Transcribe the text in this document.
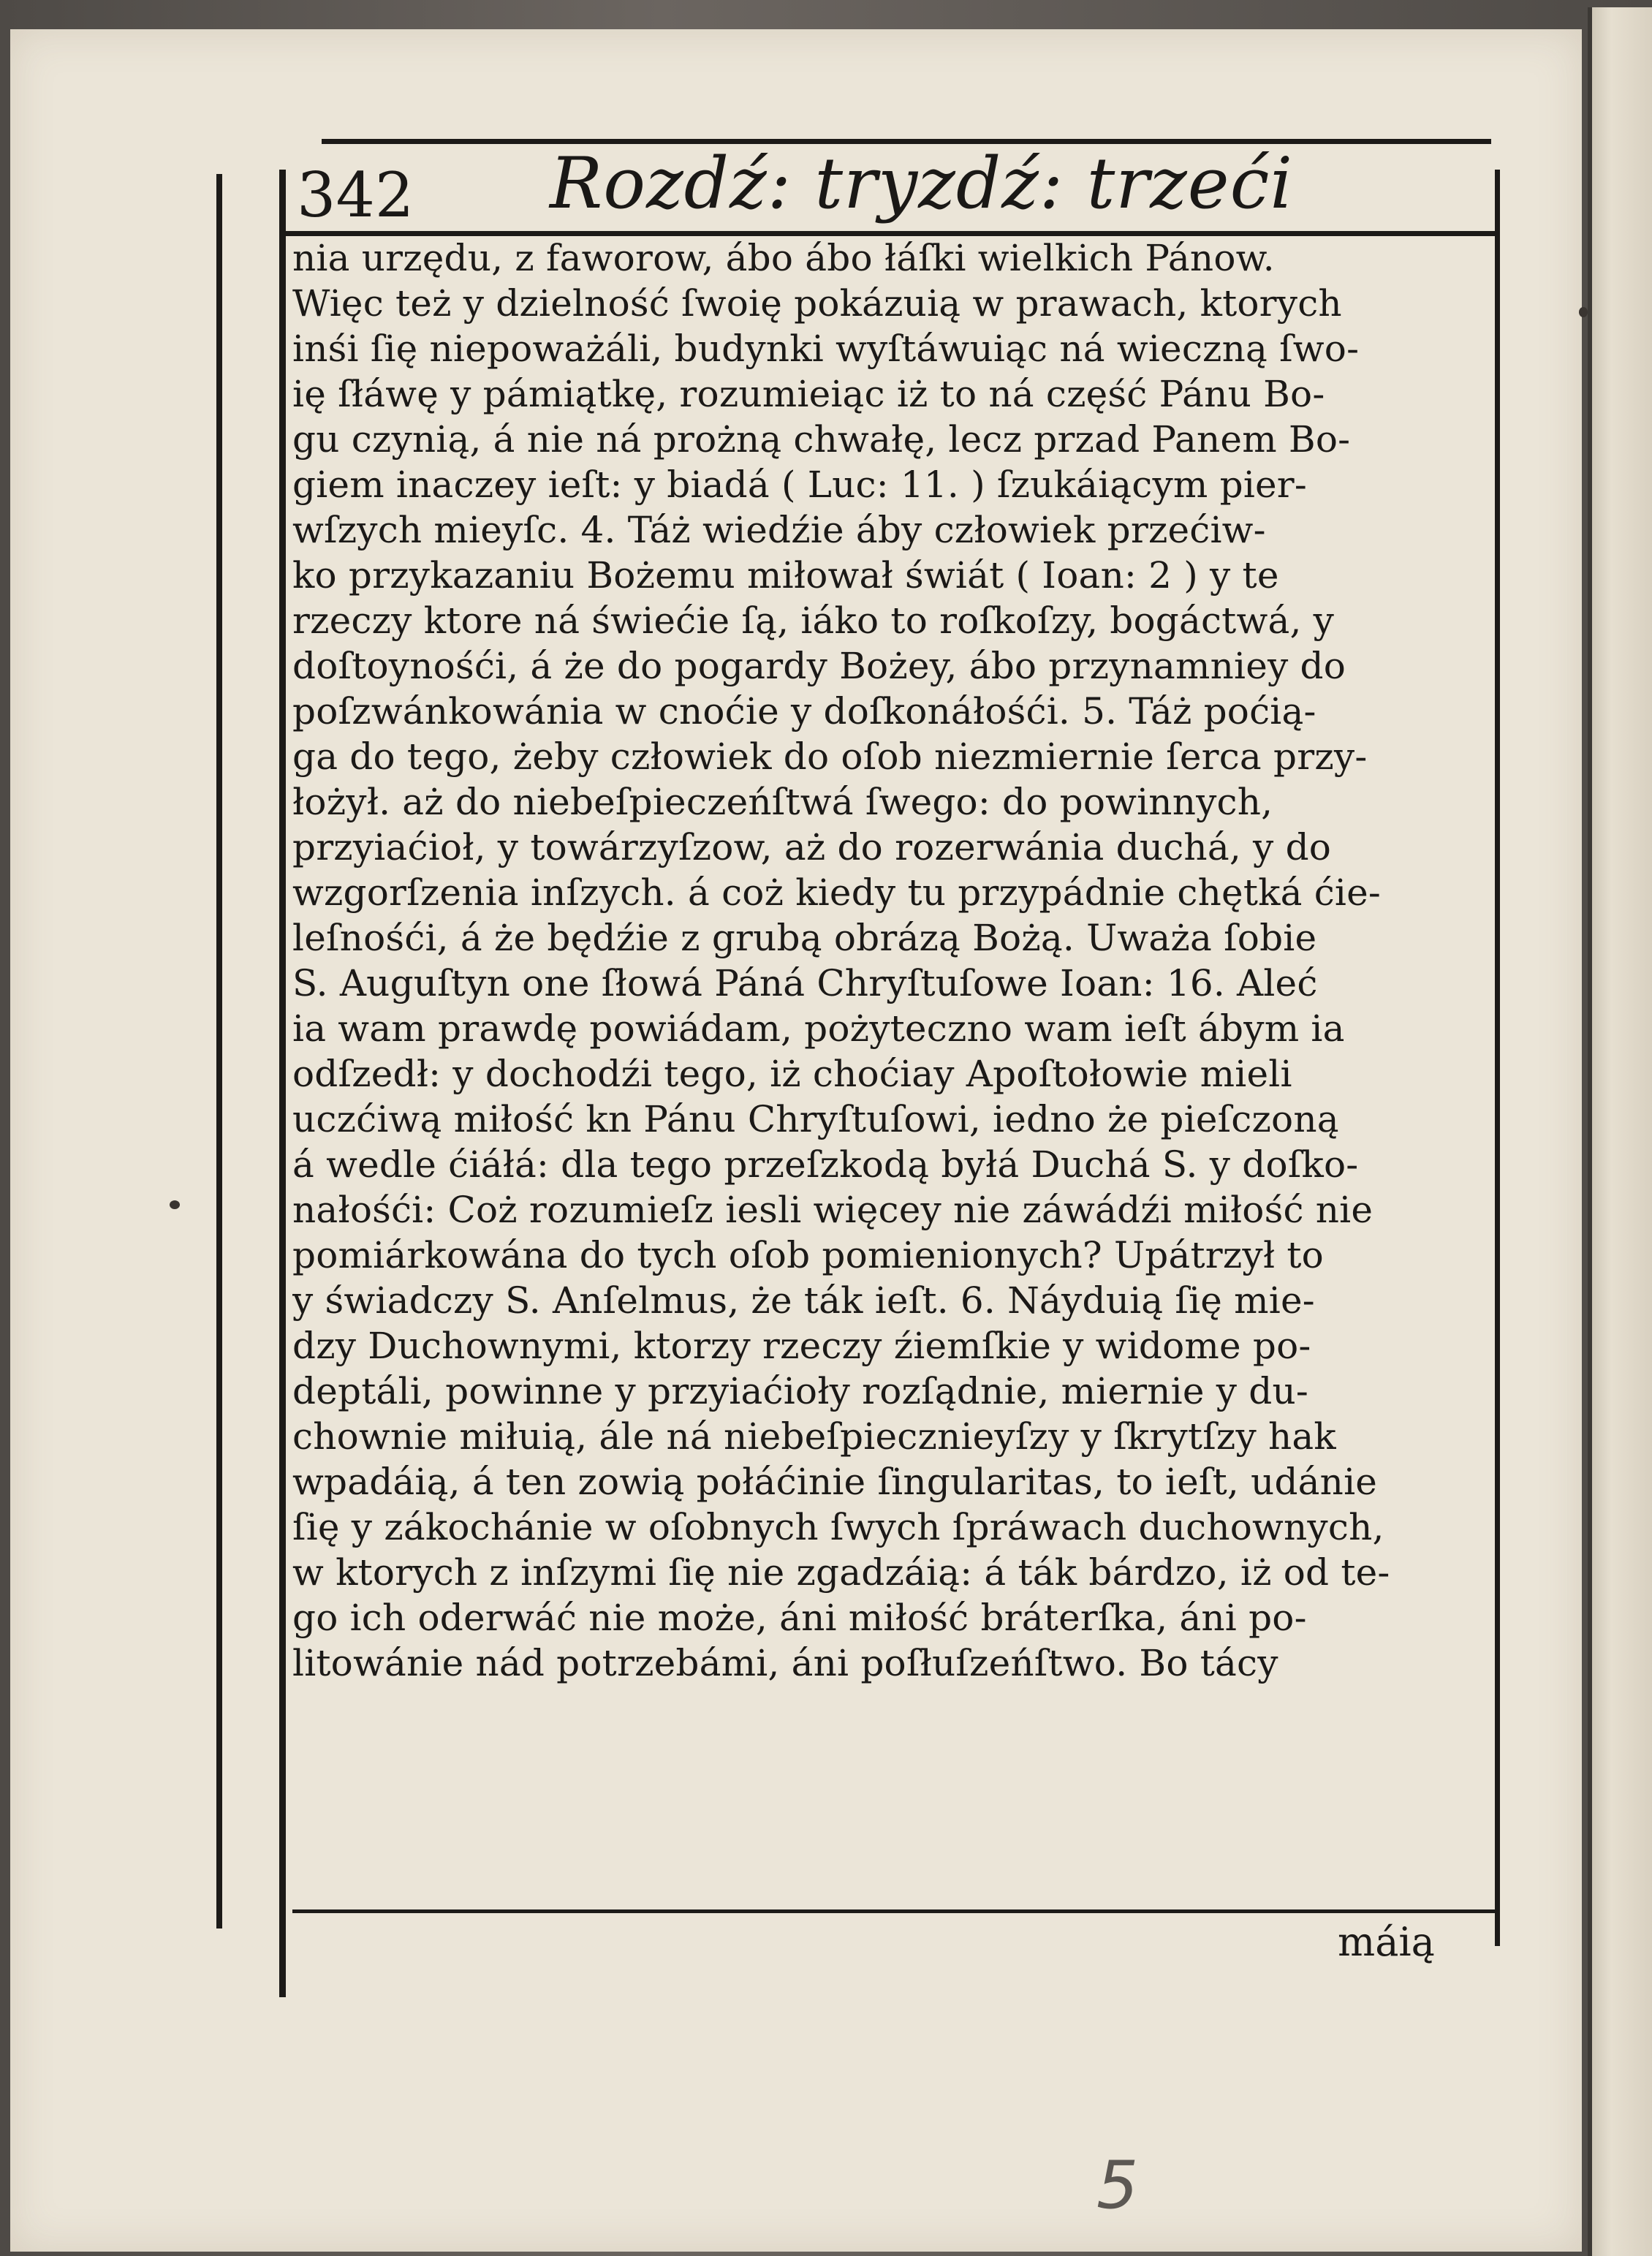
342 Rozdź: tryzdź: trzeći
nia urzędu, z faworow, ábo ábo łáſki wielkich Pánow.
Więc też y dzielność ſwoię pokázuią w prawach, ktorych
inśi ſię niepoważáli, budynki wyſtáwuiąc ná wieczną ſwo-
ię ſłáwę y pámiątkę, rozumieiąc iż to ná część Pánu Bo-
gu czynią, á nie ná prożną chwałę, lecz przad Panem Bo-
giem inaczey ieſt: y biadá ( Luc: 11. ) ſzukáiącym pier-
wſzych mieyſc. 4. Táż wiedźie áby człowiek przećiw-
ko przykazaniu Bożemu miłował świát ( Ioan: 2 ) y te
rzeczy ktore ná świećie ſą, iáko to roſkoſzy, bogáctwá, y
doſtoynośći, á że do pogardy Bożey, ábo przynamniey do
poſzwánkowánia w cnoćie y doſkonáłośći. 5. Táż poćią-
ga do tego, żeby człowiek do oſob niezmiernie ſerca przy-
łożył. aż do niebeſpieczeńſtwá ſwego: do powinnych,
przyiaćioł, y towárzyſzow, aż do rozerwánia duchá, y do
wzgorſzenia inſzych. á coż kiedy tu przypádnie chętká ćie-
leſnośći, á że będźie z grubą obrázą Bożą. Uważa ſobie
S. Auguſtyn one ſłowá Páná Chryſtuſowe Ioan: 16. Aleć
ia wam prawdę powiádam, pożyteczno wam ieſt ábym ia
odſzedł: y dochodźi tego, iż choćiay Apoſtołowie mieli
uczćiwą miłość kn Pánu Chryſtuſowi, iedno że pieſczoną
á wedle ćiáłá: dla tego przeſzkodą byłá Duchá S. y doſko-
nałośći: Coż rozumieſz iesli więcey nie záwádźi miłość nie
pomiárkowána do tych oſob pomienionych? Upátrzył to
y świadczy S. Anſelmus, że ták ieſt. 6. Náyduią ſię mie-
dzy Duchownymi, ktorzy rzeczy źiemſkie y widome po-
deptáli, powinne y przyiaćioły rozſądnie, miernie y du-
chownie miłuią, ále ná niebeſpiecznieyſzy y ſkrytſzy hak
wpadáią, á ten zowią połáćinie ſingularitas, to ieſt, udánie
ſię y zákochánie w oſobnych ſwych ſpráwach duchownych,
w ktorych z inſzymi ſię nie zgadzáią: á ták bárdzo, iż od te-
go ich oderwáć nie może, áni miłość bráterſka, áni po-
litowánie nád potrzebámi, áni poſłuſzeńſtwo. Bo tácy
máią
5
